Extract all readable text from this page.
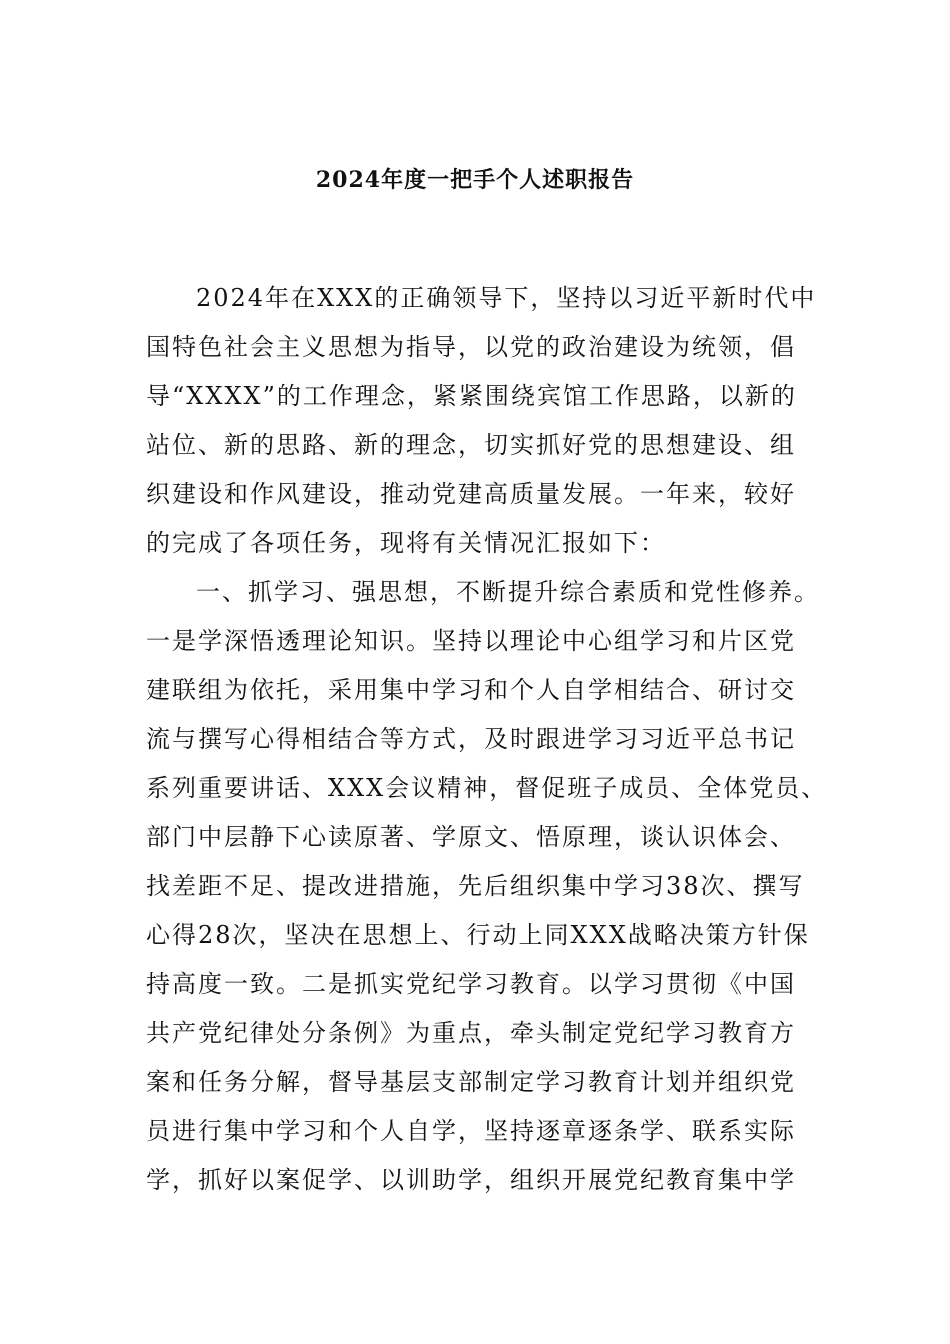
2024年度一把手个人述职报告
2024年在XXX的正确领导下，坚持以习近平新时代中
国特色社会主义思想为指导，以党的政治建设为统领，倡
导“XXXX”的工作理念，紧紧围绕宾馆工作思路，以新的
站位、新的思路、新的理念，切实抓好党的思想建设、组
织建设和作风建设，推动党建高质量发展。一年来，较好
的完成了各项任务，现将有关情况汇报如下：
一、抓学习、强思想，不断提升综合素质和党性修养。
一是学深悟透理论知识。坚持以理论中心组学习和片区党
建联组为依托，采用集中学习和个人自学相结合、研讨交
流与撰写心得相结合等方式，及时跟进学习习近平总书记
系列重要讲话、XXX会议精神，督促班子成员、全体党员、
部门中层静下心读原著、学原文、悟原理，谈认识体会、
找差距不足、提改进措施，先后组织集中学习38次、撰写
心得28次，坚决在思想上、行动上同XXX战略决策方针保
持高度一致。二是抓实党纪学习教育。以学习贯彻《中国
共产党纪律处分条例》为重点，牵头制定党纪学习教育方
案和任务分解，督导基层支部制定学习教育计划并组织党
员进行集中学习和个人自学，坚持逐章逐条学、联系实际
学，抓好以案促学、以训助学，组织开展党纪教育集中学
